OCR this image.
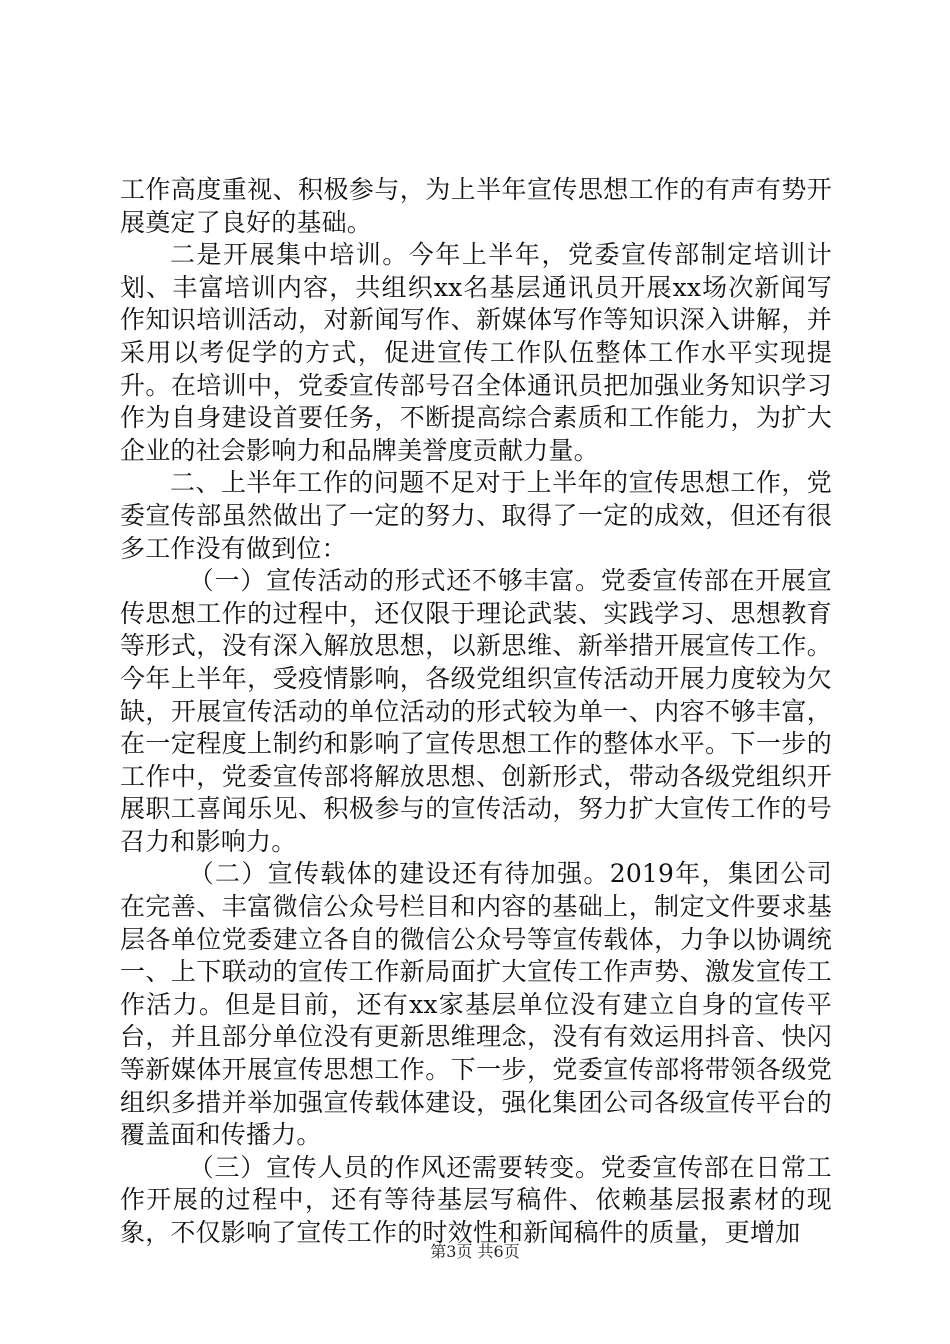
工作高度重视、积极参与，为上半年宣传思想工作的有声有势开展奠定了良好的基础。

二是开展集中培训。今年上半年，党委宣传部制定培训计划、丰富培训内容，共组织xx名基层通讯员开展xx场次新闻写作知识培训活动，对新闻写作、新媒体写作等知识深入讲解，并采用以考促学的方式，促进宣传工作队伍整体工作水平实现提升。在培训中，党委宣传部号召全体通讯员把加强业务知识学习作为自身建设首要任务，不断提高综合素质和工作能力，为扩大企业的社会影响力和品牌美誉度贡献力量。

二、上半年工作的问题不足对于上半年的宣传思想工作，党委宣传部虽然做出了一定的努力、取得了一定的成效，但还有很多工作没有做到位：

（一）宣传活动的形式还不够丰富。党委宣传部在开展宣传思想工作的过程中，还仅限于理论武装、实践学习、思想教育等形式，没有深入解放思想，以新思维、新举措开展宣传工作。今年上半年，受疫情影响，各级党组织宣传活动开展力度较为欠缺，开展宣传活动的单位活动的形式较为单一、内容不够丰富，在一定程度上制约和影响了宣传思想工作的整体水平。下一步的工作中，党委宣传部将解放思想、创新形式，带动各级党组织开展职工喜闻乐见、积极参与的宣传活动，努力扩大宣传工作的号召力和影响力。

（二）宣传载体的建设还有待加强。2019年，集团公司在完善、丰富微信公众号栏目和内容的基础上，制定文件要求基层各单位党委建立各自的微信公众号等宣传载体，力争以协调统一、上下联动的宣传工作新局面扩大宣传工作声势、激发宣传工作活力。但是目前，还有xx家基层单位没有建立自身的宣传平台，并且部分单位没有更新思维理念，没有有效运用抖音、快闪等新媒体开展宣传思想工作。下一步，党委宣传部将带领各级党组织多措并举加强宣传载体建设，强化集团公司各级宣传平台的覆盖面和传播力。

（三）宣传人员的作风还需要转变。党委宣传部在日常工作开展的过程中，还有等待基层写稿件、依赖基层报素材的现象，不仅影响了宣传工作的时效性和新闻稿件的质量，更增加

第3页 共6页
